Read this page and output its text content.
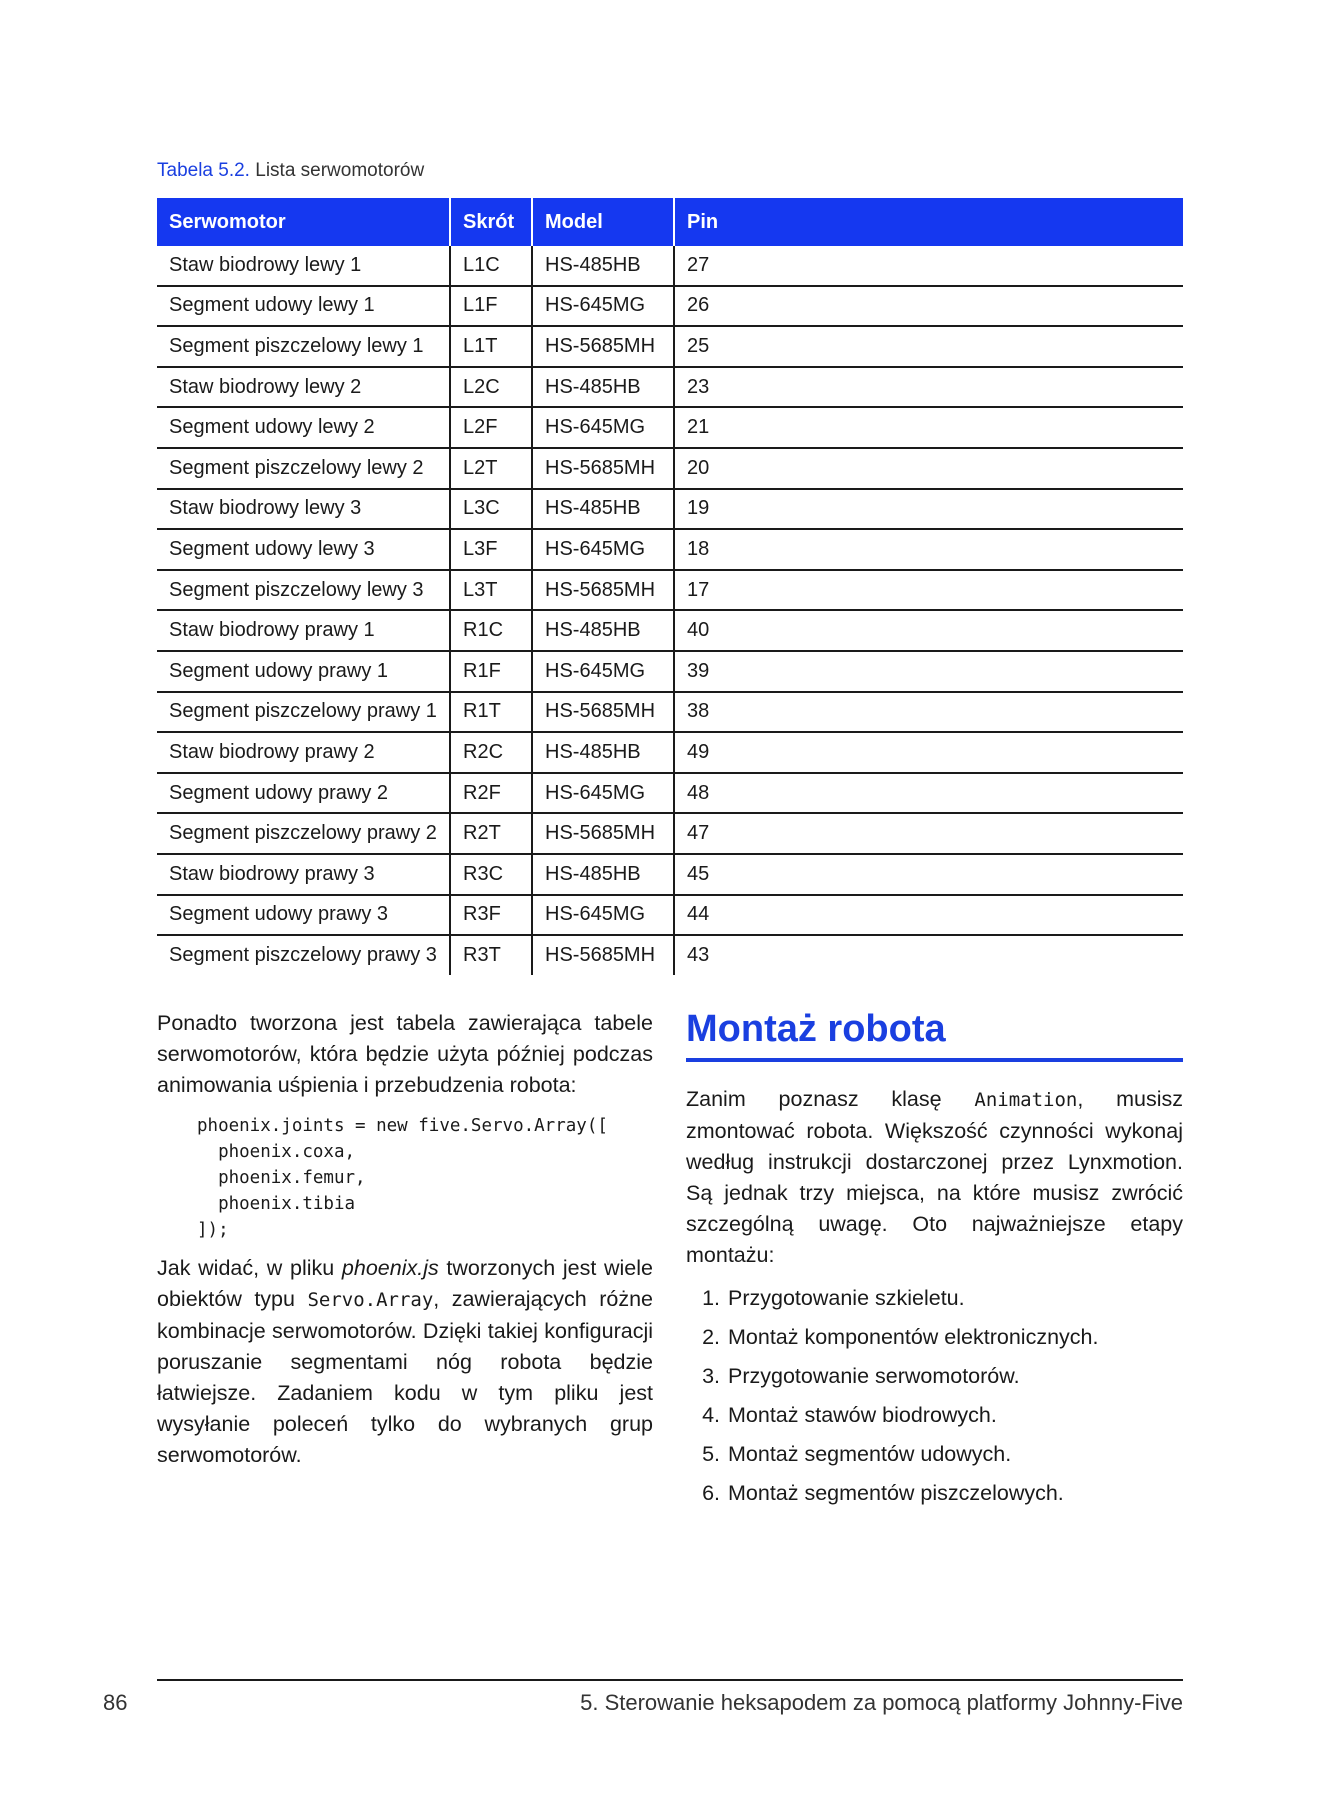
Tabela 5.2. Lista serwomotorów
Serwomotor	Skrót	Model	Pin
Staw biodrowy lewy 1	L1C	HS-485HB	27
Segment udowy lewy 1	L1F	HS-645MG	26
Segment piszczelowy lewy 1	L1T	HS-5685MH	25
Staw biodrowy lewy 2	L2C	HS-485HB	23
Segment udowy lewy 2	L2F	HS-645MG	21
Segment piszczelowy lewy 2	L2T	HS-5685MH	20
Staw biodrowy lewy 3	L3C	HS-485HB	19
Segment udowy lewy 3	L3F	HS-645MG	18
Segment piszczelowy lewy 3	L3T	HS-5685MH	17
Staw biodrowy prawy 1	R1C	HS-485HB	40
Segment udowy prawy 1	R1F	HS-645MG	39
Segment piszczelowy prawy 1	R1T	HS-5685MH	38
Staw biodrowy prawy 2	R2C	HS-485HB	49
Segment udowy prawy 2	R2F	HS-645MG	48
Segment piszczelowy prawy 2	R2T	HS-5685MH	47
Staw biodrowy prawy 3	R3C	HS-485HB	45
Segment udowy prawy 3	R3F	HS-645MG	44
Segment piszczelowy prawy 3	R3T	HS-5685MH	43

Ponadto tworzona jest tabela zawierająca tabele serwomotorów, która będzie użyta później podczas animowania uśpienia i przebudzenia robota:

phoenix.joints = new five.Servo.Array([
phoenix.coxa,
phoenix.femur,
phoenix.tibia
]);

Jak widać, w pliku phoenix.js tworzonych jest wiele obiektów typu Servo.Array, zawierających różne kombinacje serwomotorów. Dzięki takiej konfiguracji poruszanie segmentami nóg robota będzie łatwiejsze. Zadaniem kodu w tym pliku jest wysyłanie poleceń tylko do wybranych grup serwomotorów.

Montaż robota

Zanim poznasz klasę Animation, musisz zmontować robota. Większość czynności wykonaj według instrukcji dostarczonej przez Lynxmotion. Są jednak trzy miejsca, na które musisz zwrócić szczególną uwagę. Oto najważniejsze etapy montażu:

1. Przygotowanie szkieletu.
2. Montaż komponentów elektronicznych.
3. Przygotowanie serwomotorów.
4. Montaż stawów biodrowych.
5. Montaż segmentów udowych.
6. Montaż segmentów piszczelowych.
86	5. Sterowanie heksapodem za pomocą platformy Johnny-Five
